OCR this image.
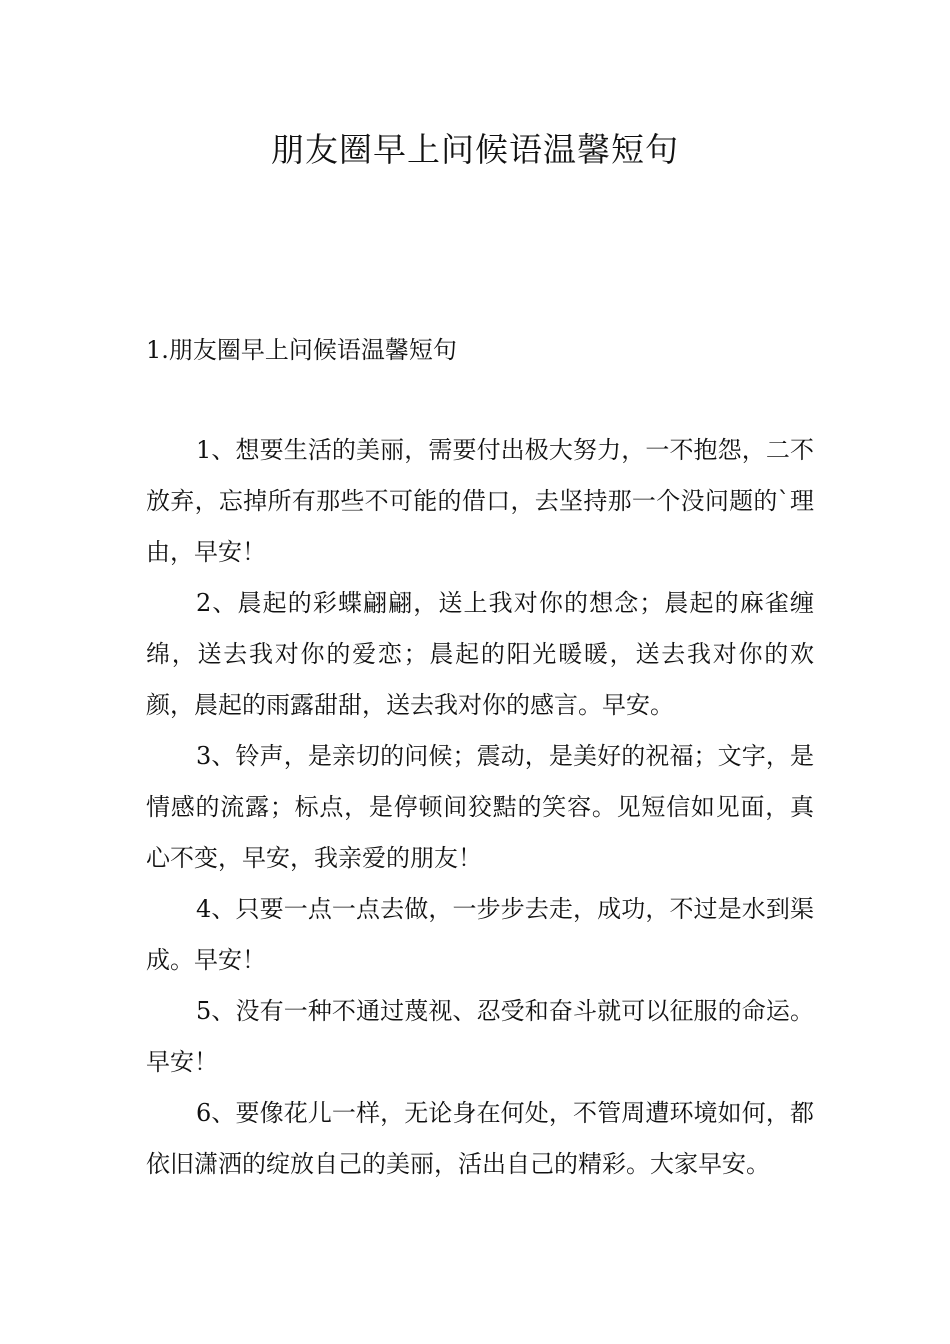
朋友圈早上问候语温馨短句
1.朋友圈早上问候语温馨短句

1、想要生活的美丽，需要付出极大努力，一不抱怨，二不放弃，忘掉所有那些不可能的借口，去坚持那一个没问题的`理由，早安！

2、晨起的彩蝶翩翩，送上我对你的想念；晨起的麻雀缠绵，送去我对你的爱恋；晨起的阳光暖暖，送去我对你的欢颜，晨起的雨露甜甜，送去我对你的感言。早安。

3、铃声，是亲切的问候；震动，是美好的祝福；文字，是情感的流露；标点，是停顿间狡黠的笑容。见短信如见面，真心不变，早安，我亲爱的朋友！

4、只要一点一点去做，一步步去走，成功，不过是水到渠成。早安！

5、没有一种不通过蔑视、忍受和奋斗就可以征服的命运。早安！

6、要像花儿一样，无论身在何处，不管周遭环境如何，都依旧潇洒的绽放自己的美丽，活出自己的精彩。大家早安。
